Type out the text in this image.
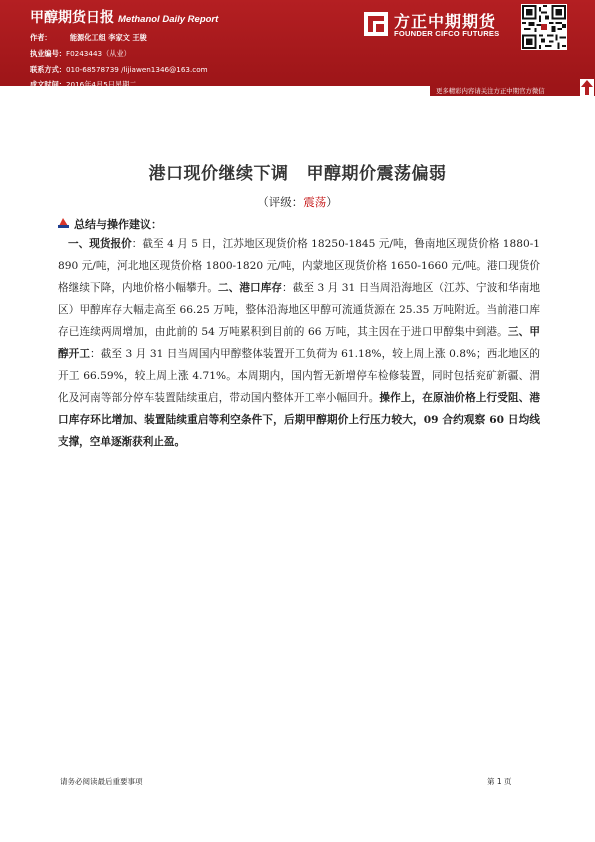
甲醇期货日报 Methanol Daily Report
作者：	能源化工组 李家文 王骏
执业编号：F0243443（从业）
联系方式：010-68578739 /lijiawen1346@163.com
成文时间：2016年4月5日星期二
方正中期期货
FOUNDER CIFCO FUTURES
更多精彩内容请关注方正中期官方微信
港口现价继续下调 甲醇期价震荡偏弱
（评级：震荡）
总结与操作建议：
一、现货报价：截至 4 月 5 日，江苏地区现货价格 18250-1845 元/吨，鲁南地区现货价格 1880-1890 元/吨，河北地区现货价格 1800-1820 元/吨，内蒙地区现货价格 1650-1660 元/吨。港口现货价格继续下降，内地价格小幅攀升。二、港口库存：截至 3 月 31 日当周沿海地区（江苏、宁波和华南地区）甲醇库存大幅走高至 66.25 万吨，整体沿海地区甲醇可流通货源在 25.35 万吨附近。当前港口库存已连续两周增加，由此前的 54 万吨累积到目前的 66 万吨，其主因在于进口甲醇集中到港。三、甲醇开工：截至 3 月 31 日当周国内甲醇整体装置开工负荷为 61.18%，较上周上涨 0.8%；西北地区的开工 66.59%，较上周上涨 4.71%。本周期内，国内暂无新增停车检修装置，同时包括兖矿新疆、渭化及河南等部分停车装置陆续重启，带动国内整体开工率小幅回升。操作上，在原油价格上行受阻、港口库存环比增加、装置陆续重启等利空条件下，后期甲醇期价上行压力较大，09 合约观察 60 日均线支撑，空单逐渐获利止盈。
请务必阅读最后重要事项	第 1 页
